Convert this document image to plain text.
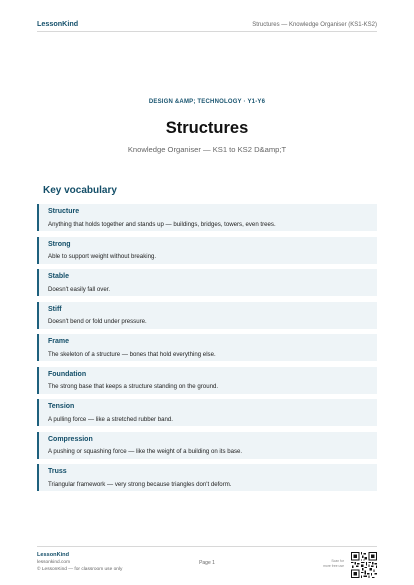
LessonKind	Structures — Knowledge Organiser (KS1-KS2)
DESIGN &AMP; TECHNOLOGY · Y1-Y6
Structures
Knowledge Organiser — KS1 to KS2 D&amp;T
Key vocabulary
Structure
Anything that holds together and stands up — buildings, bridges, towers, even trees.
Strong
Able to support weight without breaking.
Stable
Doesn't easily fall over.
Stiff
Doesn't bend or fold under pressure.
Frame
The skeleton of a structure — bones that hold everything else.
Foundation
The strong base that keeps a structure standing on the ground.
Tension
A pulling force — like a stretched rubber band.
Compression
A pushing or squashing force — like the weight of a building on its base.
Truss
Triangular framework — very strong because triangles don't deform.
LessonKind
lessonkind.com
© LessonKind — for classroom use only
Page 1	Scan for
more free use
